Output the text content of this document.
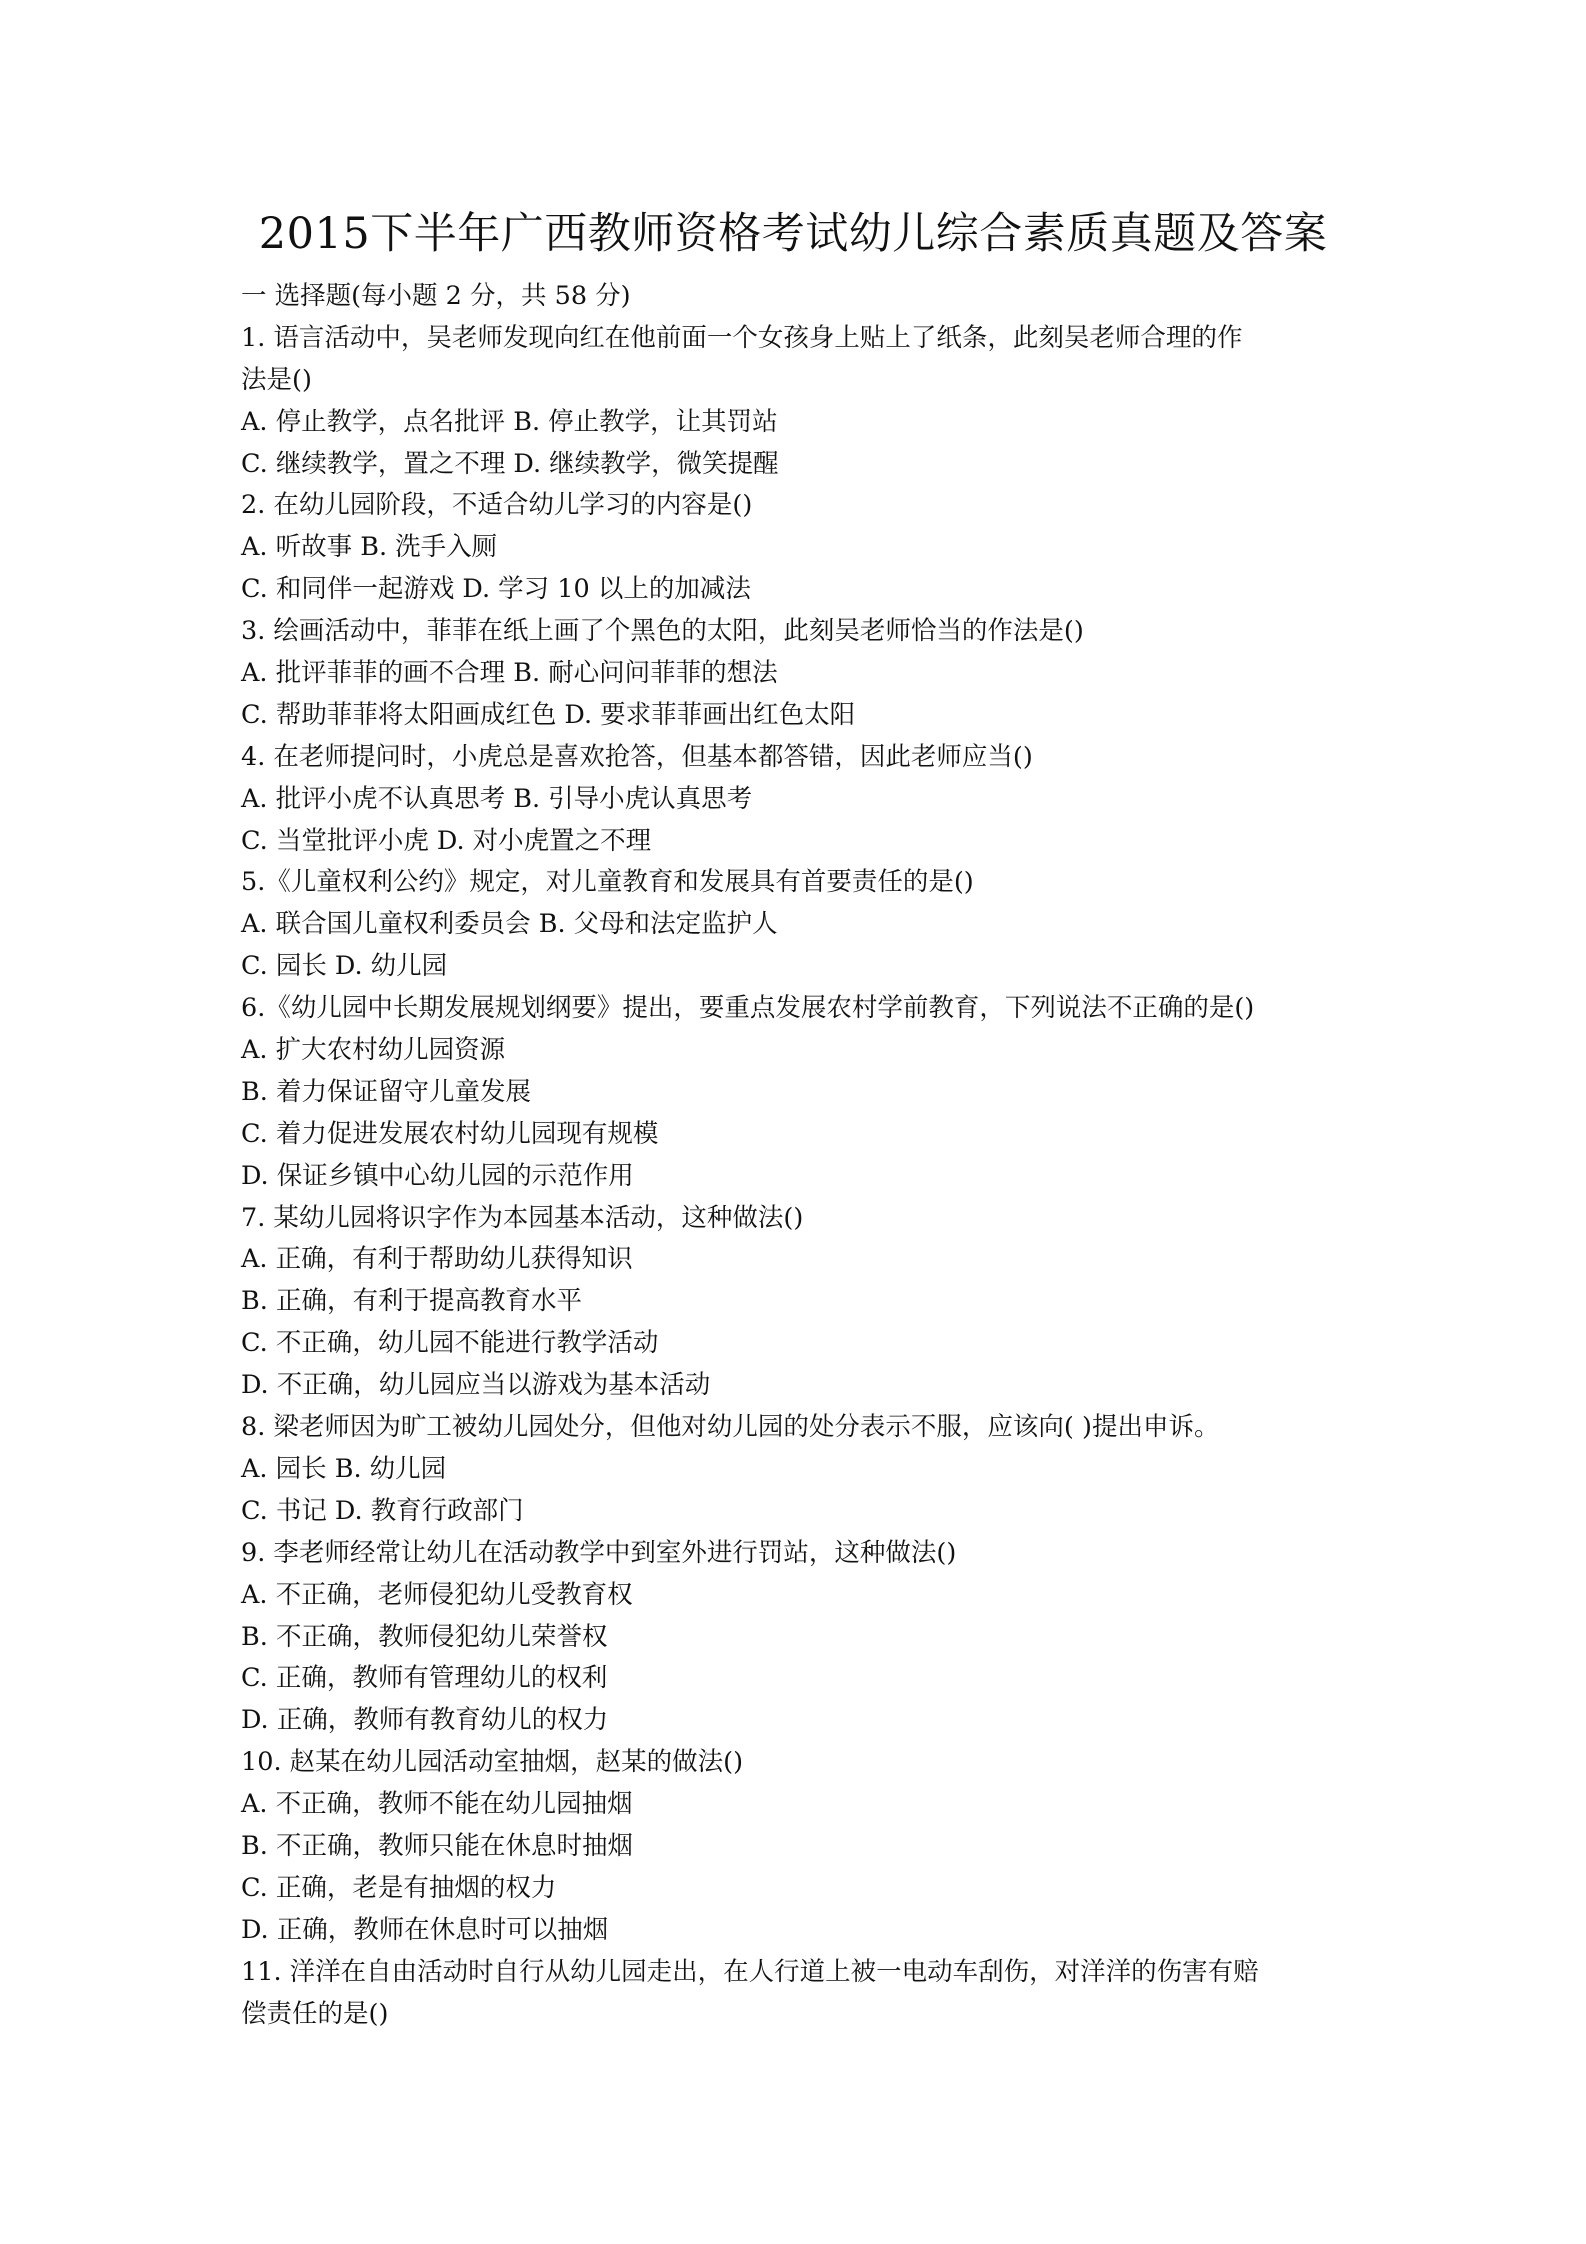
2015下半年广西教师资格考试幼儿综合素质真题及答案
一 选择题(每小题 2 分，共 58 分)
1. 语言活动中，吴老师发现向红在他前面一个女孩身上贴上了纸条，此刻吴老师合理的作
法是()
A. 停止教学，点名批评 B. 停止教学，让其罚站
C. 继续教学，置之不理 D. 继续教学，微笑提醒
2. 在幼儿园阶段，不适合幼儿学习的内容是()
A. 听故事 B. 洗手入厕
C. 和同伴一起游戏 D. 学习 10 以上的加减法
3. 绘画活动中，菲菲在纸上画了个黑色的太阳，此刻吴老师恰当的作法是()
A. 批评菲菲的画不合理 B. 耐心问问菲菲的想法
C. 帮助菲菲将太阳画成红色 D. 要求菲菲画出红色太阳
4. 在老师提问时，小虎总是喜欢抢答，但基本都答错，因此老师应当()
A. 批评小虎不认真思考 B. 引导小虎认真思考
C. 当堂批评小虎 D. 对小虎置之不理
5.《儿童权利公约》规定，对儿童教育和发展具有首要责任的是()
A. 联合国儿童权利委员会 B. 父母和法定监护人
C. 园长 D. 幼儿园
6.《幼儿园中长期发展规划纲要》提出，要重点发展农村学前教育，下列说法不正确的是()
A. 扩大农村幼儿园资源
B. 着力保证留守儿童发展
C. 着力促进发展农村幼儿园现有规模
D. 保证乡镇中心幼儿园的示范作用
7. 某幼儿园将识字作为本园基本活动，这种做法()
A. 正确，有利于帮助幼儿获得知识
B. 正确，有利于提高教育水平
C. 不正确，幼儿园不能进行教学活动
D. 不正确，幼儿园应当以游戏为基本活动
8. 梁老师因为旷工被幼儿园处分，但他对幼儿园的处分表示不服，应该向( )提出申诉。
A. 园长 B. 幼儿园
C. 书记 D. 教育行政部门
9. 李老师经常让幼儿在活动教学中到室外进行罚站，这种做法()
A. 不正确，老师侵犯幼儿受教育权
B. 不正确，教师侵犯幼儿荣誉权
C. 正确，教师有管理幼儿的权利
D. 正确，教师有教育幼儿的权力
10. 赵某在幼儿园活动室抽烟，赵某的做法()
A. 不正确，教师不能在幼儿园抽烟
B. 不正确，教师只能在休息时抽烟
C. 正确，老是有抽烟的权力
D. 正确，教师在休息时可以抽烟
11. 洋洋在自由活动时自行从幼儿园走出，在人行道上被一电动车刮伤，对洋洋的伤害有赔
偿责任的是()
